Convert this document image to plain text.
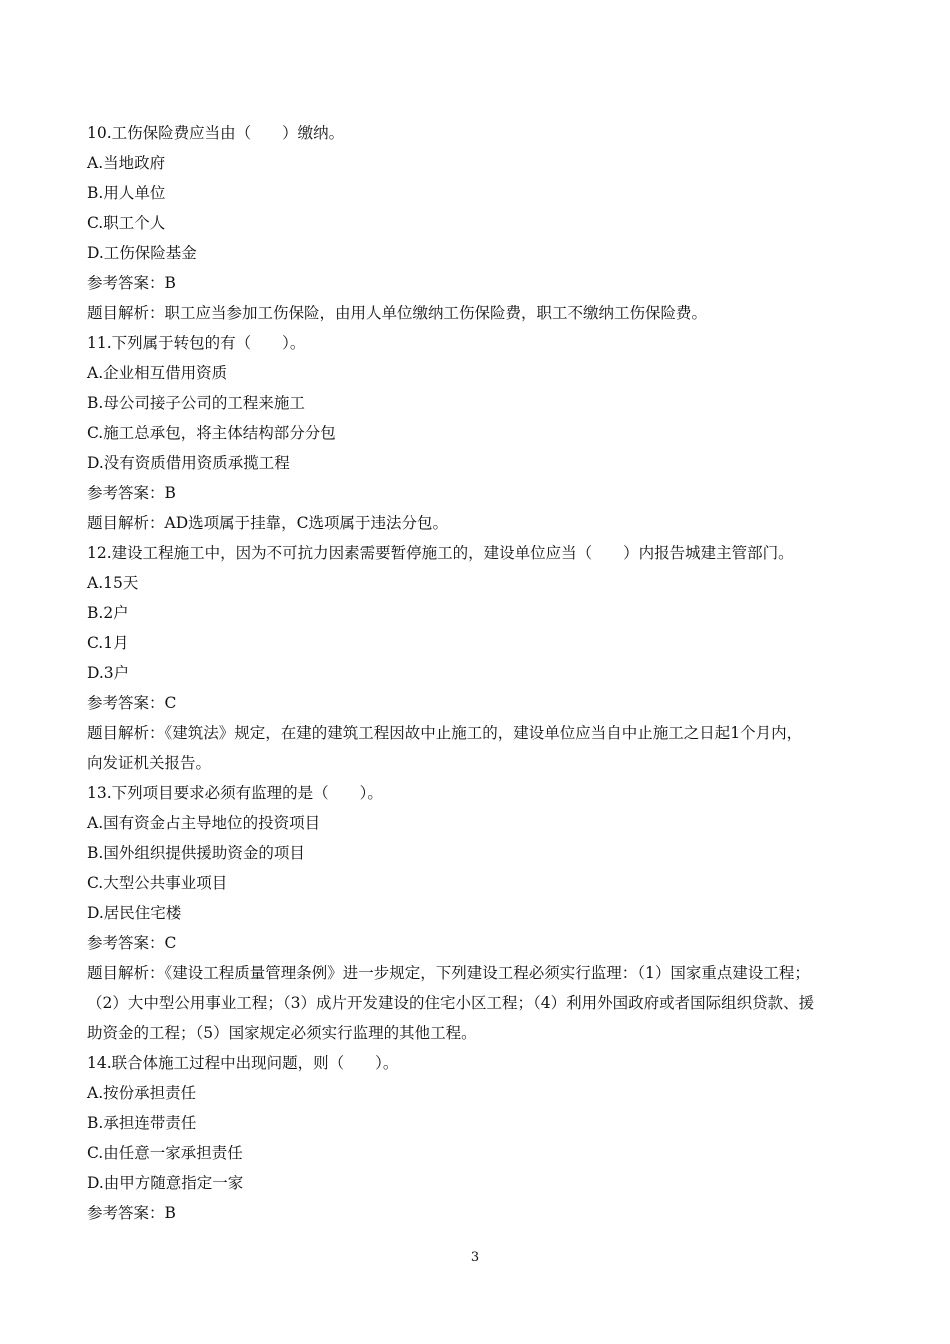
10.工伤保险费应当由（　　）缴纳。

A.当地政府

B.用人单位

C.职工个人

D.工伤保险基金

参考答案：B

题目解析：职工应当参加工伤保险，由用人单位缴纳工伤保险费，职工不缴纳工伤保险费。

11.下列属于转包的有（　　）。

A.企业相互借用资质

B.母公司接子公司的工程来施工

C.施工总承包，将主体结构部分分包

D.没有资质借用资质承揽工程

参考答案：B

题目解析：AD选项属于挂靠，C选项属于违法分包。

12.建设工程施工中，因为不可抗力因素需要暂停施工的，建设单位应当（　　）内报告城建主管部门。

A.15天

B.2户

C.1月

D.3户

参考答案：C

题目解析：《建筑法》规定，在建的建筑工程因故中止施工的，建设单位应当自中止施工之日起1个月内，

向发证机关报告。

13.下列项目要求必须有监理的是（　　）。

A.国有资金占主导地位的投资项目

B.国外组织提供援助资金的项目

C.大型公共事业项目

D.居民住宅楼

参考答案：C

题目解析：《建设工程质量管理条例》进一步规定，下列建设工程必须实行监理：（1）国家重点建设工程；

（2）大中型公用事业工程；（3）成片开发建设的住宅小区工程；（4）利用外国政府或者国际组织贷款、援

助资金的工程；（5）国家规定必须实行监理的其他工程。

14.联合体施工过程中出现问题，则（　　）。

A.按份承担责任

B.承担连带责任

C.由任意一家承担责任

D.由甲方随意指定一家

参考答案：B

3
